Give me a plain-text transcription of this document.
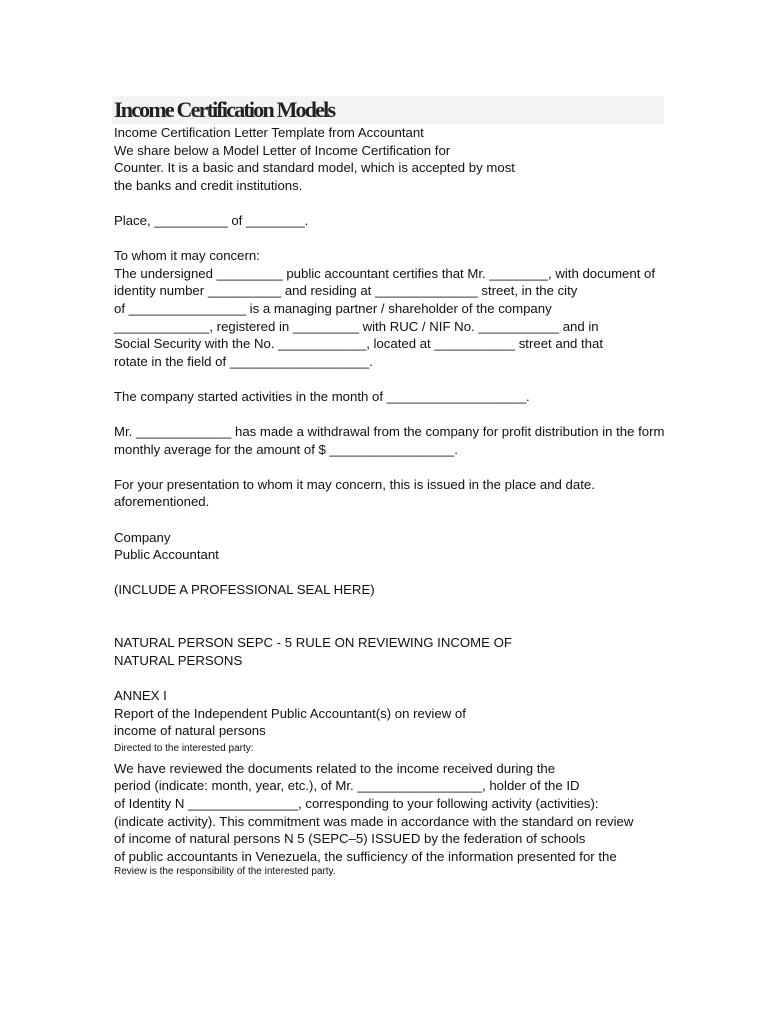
Income Certification Models
Income Certification Letter Template from Accountant
We share below a Model Letter of Income Certification for
Counter. It is a basic and standard model, which is accepted by most
the banks and credit institutions.
Place, __________ of ________.
To whom it may concern:
The undersigned _________ public accountant certifies that Mr. ________, with document of
identity number __________ and residing at ______________ street, in the city
of ________________ is a managing partner / shareholder of the company
_____________, registered in _________ with RUC / NIF No. ___________ and in
Social Security with the No. ____________, located at ___________ street and that
rotate in the field of ___________________.
The company started activities in the month of ___________________.
Mr. _____________ has made a withdrawal from the company for profit distribution in the form
monthly average for the amount of $ _________________.
For your presentation to whom it may concern, this is issued in the place and date.
aforementioned.
Company
Public Accountant
(INCLUDE A PROFESSIONAL SEAL HERE)
NATURAL PERSON SEPC - 5 RULE ON REVIEWING INCOME OF
NATURAL PERSONS
ANNEX I
Report of the Independent Public Accountant(s) on review of
income of natural persons
Directed to the interested party:
We have reviewed the documents related to the income received during the
period (indicate: month, year, etc.), of Mr. _________________, holder of the ID
of Identity N _______________, corresponding to your following activity (activities):
(indicate activity). This commitment was made in accordance with the standard on review
of income of natural persons N 5 (SEPC–5) ISSUED by the federation of schools
of public accountants in Venezuela, the sufficiency of the information presented for the
Review is the responsibility of the interested party.
